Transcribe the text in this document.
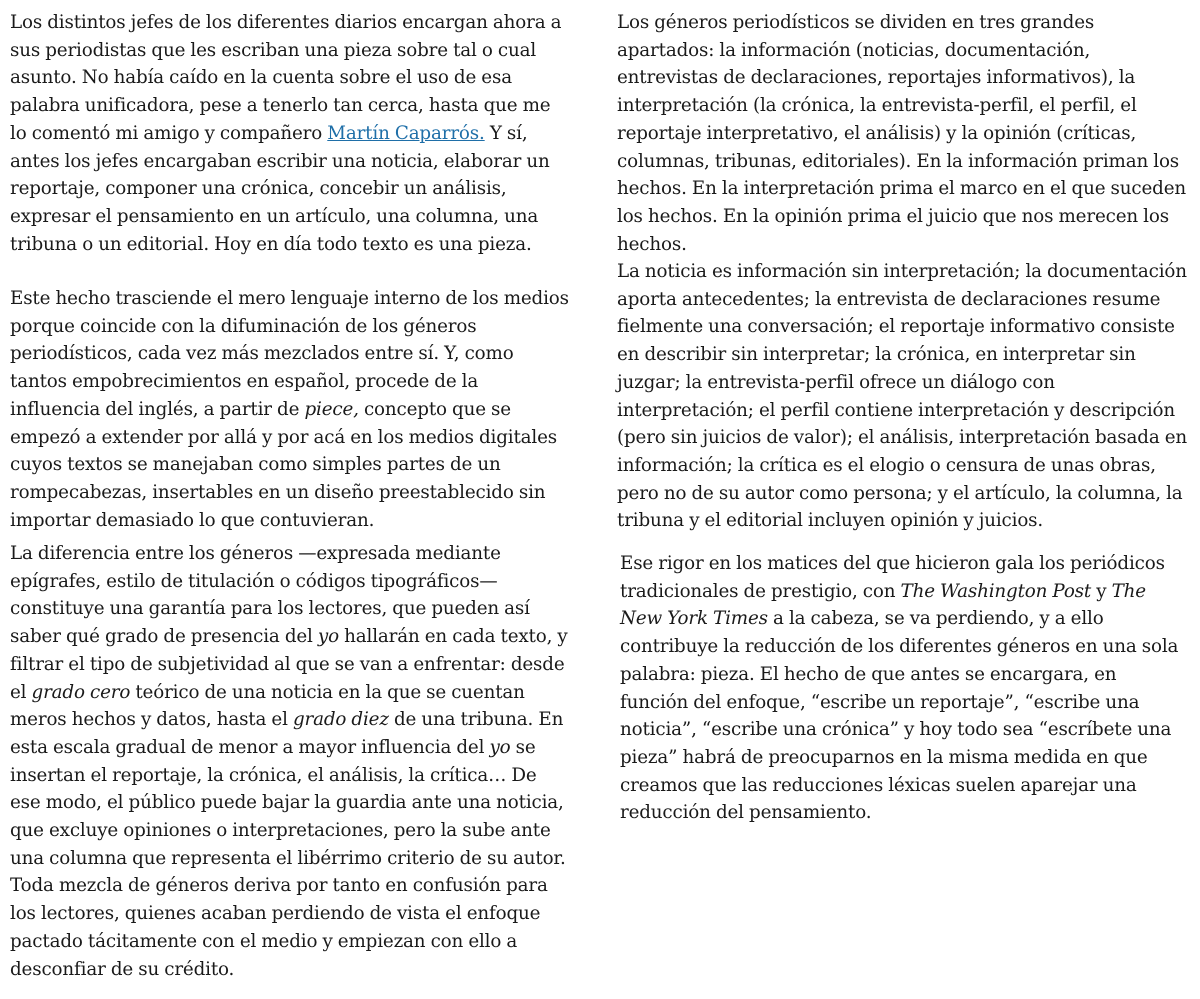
Los distintos jefes de los diferentes diarios encargan ahora a sus periodistas que les escriban una pieza sobre tal o cual asunto. No había caído en la cuenta sobre el uso de esa palabra unificadora, pese a tenerlo tan cerca, hasta que me lo comentó mi amigo y compañero Martín Caparrós. Y sí, antes los jefes encargaban escribir una noticia, elaborar un reportaje, componer una crónica, concebir un análisis, expresar el pensamiento en un artículo, una columna, una tribuna o un editorial. Hoy en día todo texto es una pieza.

Este hecho trasciende el mero lenguaje interno de los medios porque coincide con la difuminación de los géneros periodísticos, cada vez más mezclados entre sí. Y, como tantos empobrecimientos en español, procede de la influencia del inglés, a partir de piece, concepto que se empezó a extender por allá y por acá en los medios digitales cuyos textos se manejaban como simples partes de un rompecabezas, insertables en un diseño preestablecido sin importar demasiado lo que contuvieran.

La diferencia entre los géneros —expresada mediante epígrafes, estilo de titulación o códigos tipográficos— constituye una garantía para los lectores, que pueden así saber qué grado de presencia del yo hallarán en cada texto, y filtrar el tipo de subjetividad al que se van a enfrentar: desde el grado cero teórico de una noticia en la que se cuentan meros hechos y datos, hasta el grado diez de una tribuna. En esta escala gradual de menor a mayor influencia del yo se insertan el reportaje, la crónica, el análisis, la crítica… De ese modo, el público puede bajar la guardia ante una noticia, que excluye opiniones o interpretaciones, pero la sube ante una columna que representa el libérrimo criterio de su autor. Toda mezcla de géneros deriva por tanto en confusión para los lectores, quienes acaban perdiendo de vista el enfoque pactado tácitamente con el medio y empiezan con ello a desconfiar de su crédito.

Los géneros periodísticos se dividen en tres grandes apartados: la información (noticias, documentación, entrevistas de declaraciones, reportajes informativos), la interpretación (la crónica, la entrevista-perfil, el perfil, el reportaje interpretativo, el análisis) y la opinión (críticas, columnas, tribunas, editoriales). En la información priman los hechos. En la interpretación prima el marco en el que suceden los hechos. En la opinión prima el juicio que nos merecen los hechos.

La noticia es información sin interpretación; la documentación aporta antecedentes; la entrevista de declaraciones resume fielmente una conversación; el reportaje informativo consiste en describir sin interpretar; la crónica, en interpretar sin juzgar; la entrevista-perfil ofrece un diálogo con interpretación; el perfil contiene interpretación y descripción (pero sin juicios de valor); el análisis, interpretación basada en información; la crítica es el elogio o censura de unas obras, pero no de su autor como persona; y el artículo, la columna, la tribuna y el editorial incluyen opinión y juicios.

Ese rigor en los matices del que hicieron gala los periódicos tradicionales de prestigio, con The Washington Post y The New York Times a la cabeza, se va perdiendo, y a ello contribuye la reducción de los diferentes géneros en una sola palabra: pieza. El hecho de que antes se encargara, en función del enfoque, “escribe un reportaje”, “escribe una noticia”, “escribe una crónica” y hoy todo sea “escríbete una pieza” habrá de preocuparnos en la misma medida en que creamos que las reducciones léxicas suelen aparejar una reducción del pensamiento.
